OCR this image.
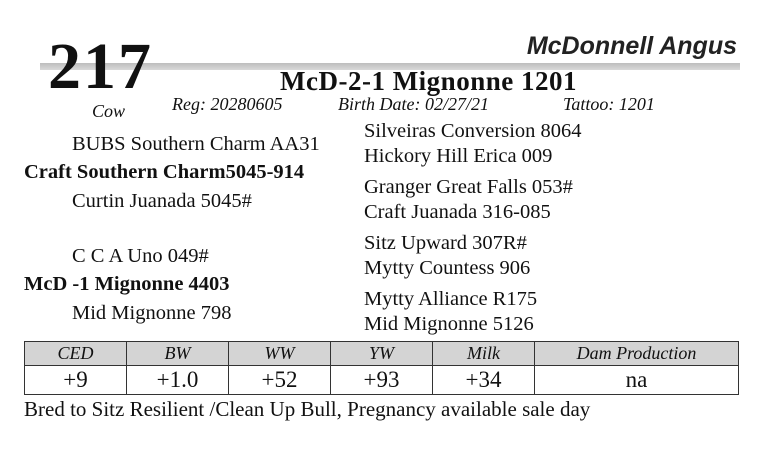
217	McDonnell Angus
McD-2-1 Mignonne 1201
Cow	Reg: 20280605	Birth Date: 02/27/21	Tattoo: 1201
BUBS Southern Charm AA31
Craft Southern Charm5045-914
Curtin Juanada 5045#
C C A Uno 049#
McD -1 Mignonne 4403
Mid Mignonne 798
Silveiras Conversion 8064
Hickory Hill Erica 009
Granger Great Falls 053#
Craft Juanada 316-085
Sitz Upward 307R#
Mytty Countess 906
Mytty Alliance R175
Mid Mignonne 5126
CED	BW	WW	YW	Milk	Dam Production
+9	+1.0	+52	+93	+34	na
Bred to Sitz Resilient /Clean Up Bull, Pregnancy available sale day
